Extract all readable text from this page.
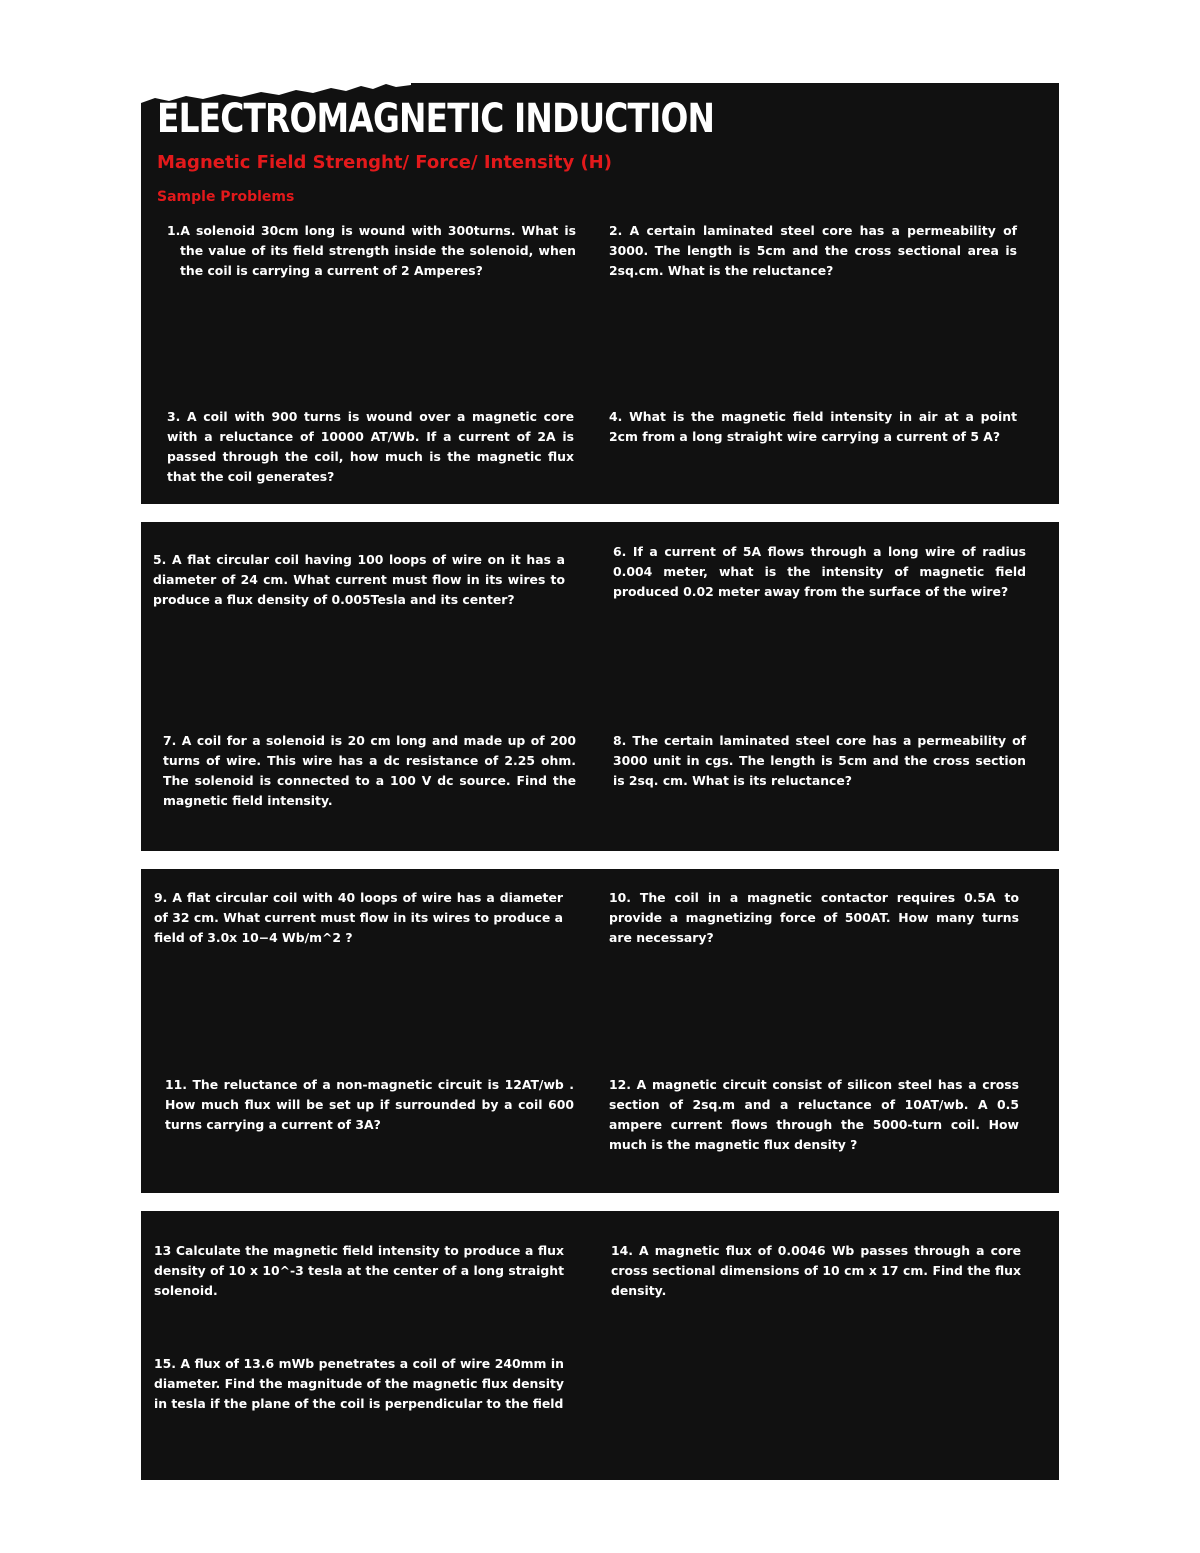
ELECTROMAGNETIC INDUCTION
Magnetic Field Strenght/ Force/ Intensity (H)
Sample Problems

1.A solenoid 30cm long is wound with 300turns. What is the value of its field strength inside the solenoid, when the coil is carrying a current of 2 Amperes?

2. A certain laminated steel core has a permeability of 3000. The length is 5cm and the cross sectional area is 2sq.cm. What is the reluctance?

3. A coil with 900 turns is wound over a magnetic core with a reluctance of 10000 AT/Wb. If a current of 2A is passed through the coil, how much is the magnetic flux that the coil generates?

4. What is the magnetic field intensity in air at a point 2cm from a long straight wire carrying a current of 5 A?

5. A flat circular coil having 100 loops of wire on it has a diameter of 24 cm. What current must flow in its wires to produce a flux density of 0.005Tesla and its center?

6. If a current of 5A flows through a long wire of radius 0.004 meter, what is the intensity of magnetic field produced 0.02 meter away from the surface of the wire?

7. A coil for a solenoid is 20 cm long and made up of 200 turns of wire. This wire has a dc resistance of 2.25 ohm. The solenoid is connected to a 100 V dc source. Find the magnetic field intensity.

8. The certain laminated steel core has a permeability of 3000 unit in cgs. The length is 5cm and the cross section is 2sq. cm. What is its reluctance?

9. A flat circular coil with 40 loops of wire has a diameter of 32 cm. What current must flow in its wires to produce a field of 3.0x 10−4 Wb/m^2 ?

10. The coil in a magnetic contactor requires 0.5A to provide a magnetizing force of 500AT. How many turns are necessary?

11. The reluctance of a non-magnetic circuit is 12AT/wb . How much flux will be set up if surrounded by a coil 600 turns carrying a current of 3A?

12. A magnetic circuit consist of silicon steel has a cross section of 2sq.m and a reluctance of 10AT/wb. A 0.5 ampere current flows through the 5000-turn coil. How much is the magnetic flux density ?

13 Calculate the magnetic field intensity to produce a flux density of 10 x 10^-3 tesla at the center of a long straight solenoid.

14. A magnetic flux of 0.0046 Wb passes through a core cross sectional dimensions of 10 cm x 17 cm. Find the flux density.

15. A flux of 13.6 mWb penetrates a coil of wire 240mm in diameter. Find the magnitude of the magnetic flux density in tesla if the plane of the coil is perpendicular to the field
